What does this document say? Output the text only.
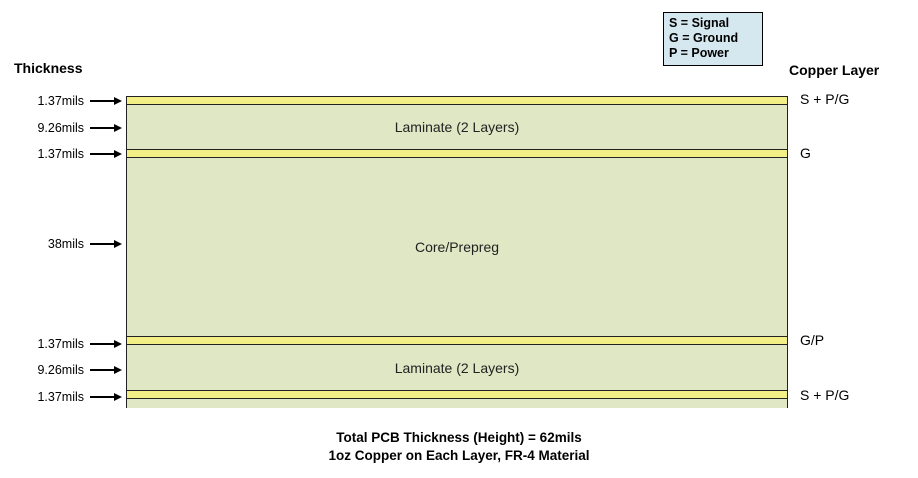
S = Signal
G = Ground
P = Power
Thickness	Copper Layer
Laminate (2 Layers)
Core/Prepreg
Laminate (2 Layers)
1.37mils
9.26mils
1.37mils
38mils
1.37mils
9.26mils
1.37mils
S + P/G
G
G/P
S + P/G
Total PCB Thickness (Height) = 62mils
1oz Copper on Each Layer, FR-4 Material
